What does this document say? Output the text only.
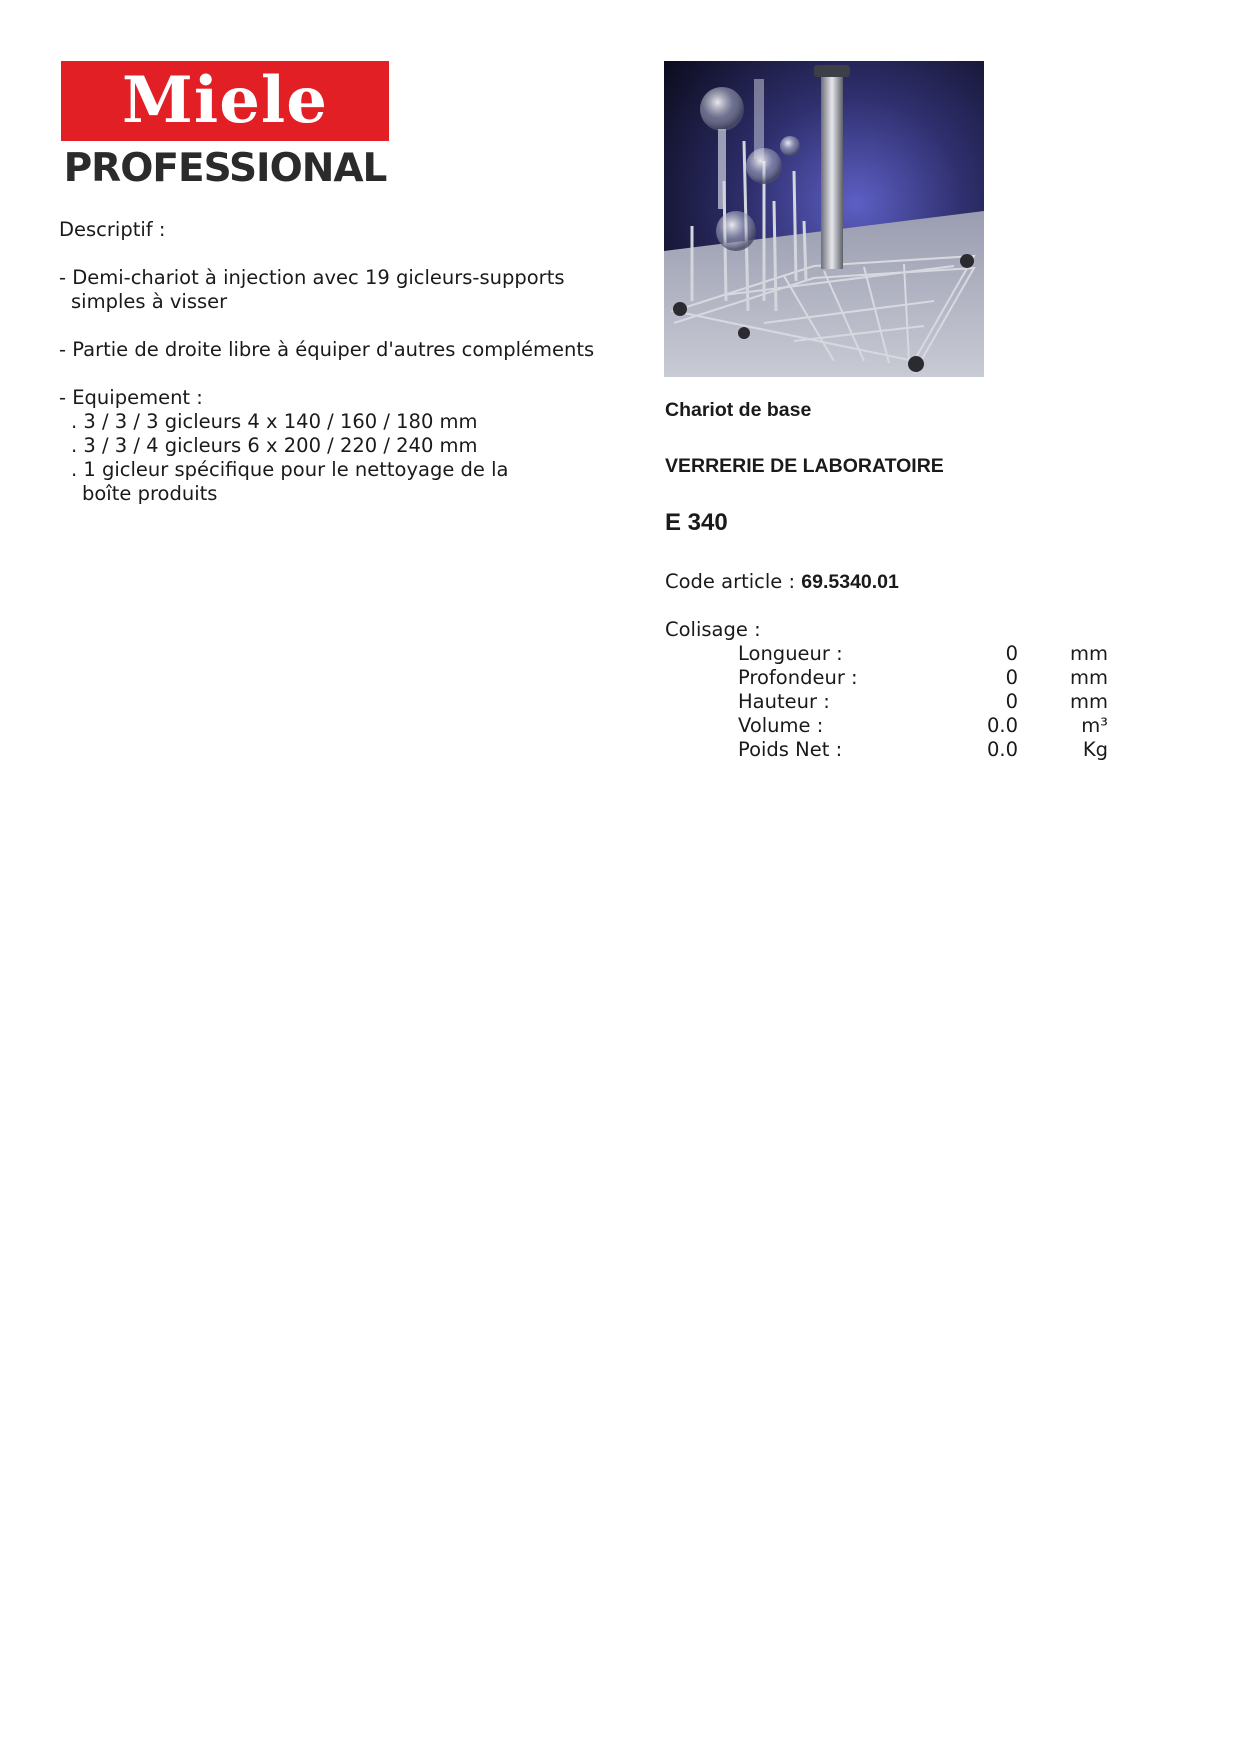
Miele
PROFESSIONAL

Descriptif :

- Demi-chariot à injection avec 19 gicleurs-supports

simples à visser

- Partie de droite libre à équiper d'autres compléments

- Equipement :

. 3 / 3 / 3 gicleurs 4 x 140 / 160 / 180 mm

. 3 / 3 / 4 gicleurs 6 x 200 / 220 / 240 mm

. 1 gicleur spécifique pour le nettoyage de la

boîte produits

Chariot de base
VERRERIE DE LABORATOIRE
E 340
Code article : 69.5340.01
Colisage :
Longueur :	0	mm
Profondeur :	0	mm
Hauteur :	0	mm
Volume :	0.0	m³
Poids Net :	0.0	Kg
